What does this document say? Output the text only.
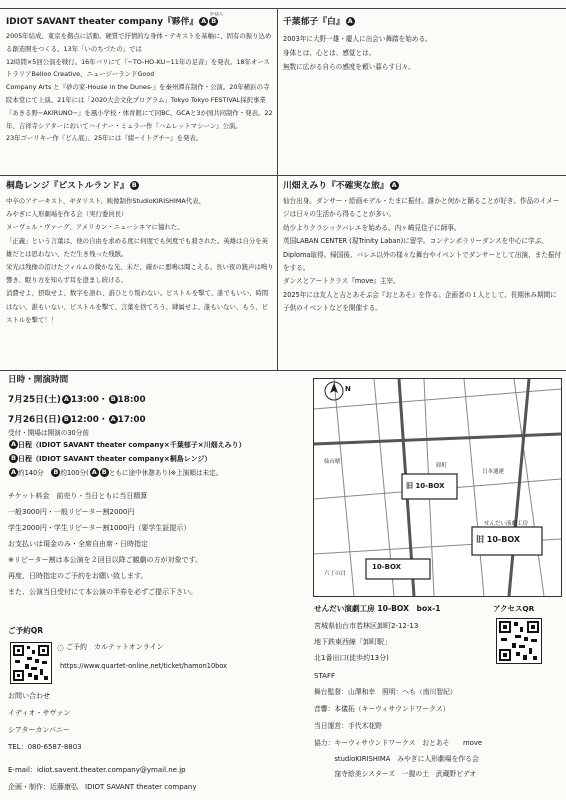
IDIOT SAVANT theater company『夥伴』 A B
かはん
2005年結成、東京を拠点に活動。硬質で抒情的な身体・テキストを基軸に、固有の振り込める創造開をつくる。13年「いのちづたの」では
12時間×5回公演を戦行。16年バリにて『−TO-HO-KU−11年の足音』を発表。18年オーストラリアBelloo Creative、ニュージーランドGood
Company Arts と『砂の家-House in the Dunes-』を秦州潭在制作・公演。20年横浜の寺院本堂にて上演。21年には「2020大会文化プログラム」Tokyo Tokyo FESTIVAL採択事業『あきる野−AKIRUNO−』を風小学校・体育館にて同BC、GCAと3か国共同制作・発表。22年、吉祥寺シアターにおいてハイナー・ミュラー作『ハムレットマシーン』公演。
23年ゴーリキー作『どん底』、25年には『緒−イトグチ−』を発表。
千葉郁子『白』 A
2003年に大野一雄・慶人に出会い舞踏を始める。
身体とは、心とは、感覚とは。
無数に広がる自らの感度を頼い暮らす日々。
桐島レンジ『ピストルランド』 B
中卒のアナーキスト、ギタリスト、映像制作StudioKIRISHIMA代表、
みやぎに人形劇場を作る会（実行委員長）
ヌーヴェル・ヴァーグ、アメリカン・ニューシネマに憧れた。
「正義」という言葉は、他の自由を求める度に何度でも何度でも殺された。英雄は自分を英雄だとは思わない、ただ生き残った残骸。
栄光は残像の沼けたフィルムの微かな光、未だ、確かに悪鳴は聞こえる。長い夜の銃声は鳴り響き、眠り方を知らず耳を澄まし続ける。
消費せよ、摂取せよ、数字を語れ、誰ひとり叛わない。ピストルを撃て、誰でもいい、時間はない、誰もいない、ピストルを撃て、言葉を捨てろう、肆属せよ、誰もいない、もう、ピストルを撃て！！
川畑えみり『不確実な旅』 A
仙台出身。ダンサー・絵画モデル・たまに振付。誰かと何かと踊ることが好き。作品のイメージは日々の生活から得ることが多い。
幼少よりクラシックバレエを始める。内ヶ崎見佳子に師事。
英国LABAN CENTER (現Trinity Laban)に留学。コンテンポラリーダンスを中心に学ぶ。Diploma取得。帰国後、バレエ以外の様々な舞台やイベントでダンサーとして出演、また振付をする。
ダンスとアートクラス『move』主宰。
2025年には友人と吉とあそぶ会『おとあそ』を作る。企画者の１人として、長期休み期間に子供のイベントなどを開催する。
日時・開演時間
7月25日(土) A 13:00・ B 18:00
7月26日(日) B 12:00・ A 17:00
受付・開場は開演の30分前
A 日程（IDIOT SAVANT theater company×千葉郁子×川畑えみり）
B 日程（IDIOT SAVANT theater company×桐島レンジ）
A 約140分　 B 約100分( A B ともに途中休憩あり)※上演順は未定。
チケット料金　前売り・当日ともに当日精算
一般3000円・一般リピーター割2000円
学生2000円・学生リピーター割1000円（要学生証提示）
お支払いは現金のみ・全席自由席・日時指定
※リピーター割は本公演を２回目以降ご観劇の方が対象です。
再度、日時指定のご予約をお願い致します。
また、公演当日受付にて本公演の半券を必ずご提示下さい。
ご予約QR
◌ ご予約　カルテットオンライン
https://www.quartet-online.net/ticket/hamon10box
お問い合わせ
イディオ・サヴァン
シアターカンパニー
TEL：080-6587-8803
E-mail：idiot.savent.theater.company@ymail.ne.jp
企画・制作：近藤康弘　IDIOT SAVANT theater company
N
仙台駅
旧 10-BOX
せんだい演劇工房
旧 10-BOX
10-BOX
六丁の目
卸町
日本通運
せんだい演劇工房 10-BOX　box-1	アクセスQR
宮城県仙台市若林区卸町2-12-13
地下鉄東西線「卸町駅」
北1番出口(徒歩約13分)
STAFF
舞台監督：山澤和幸　照明：へも（南川智紀）
音響：本儀拓（キーウィサウンドワークス）
当日運営：手代木花野
協力：キーウィサウンドワークス　おとあそ　　move
　　　studioKIRISHIMA　みやぎに人形劇場を作る会
　　　窪寺絵美シスターズ　一握の土　武蔵野ビデオ
